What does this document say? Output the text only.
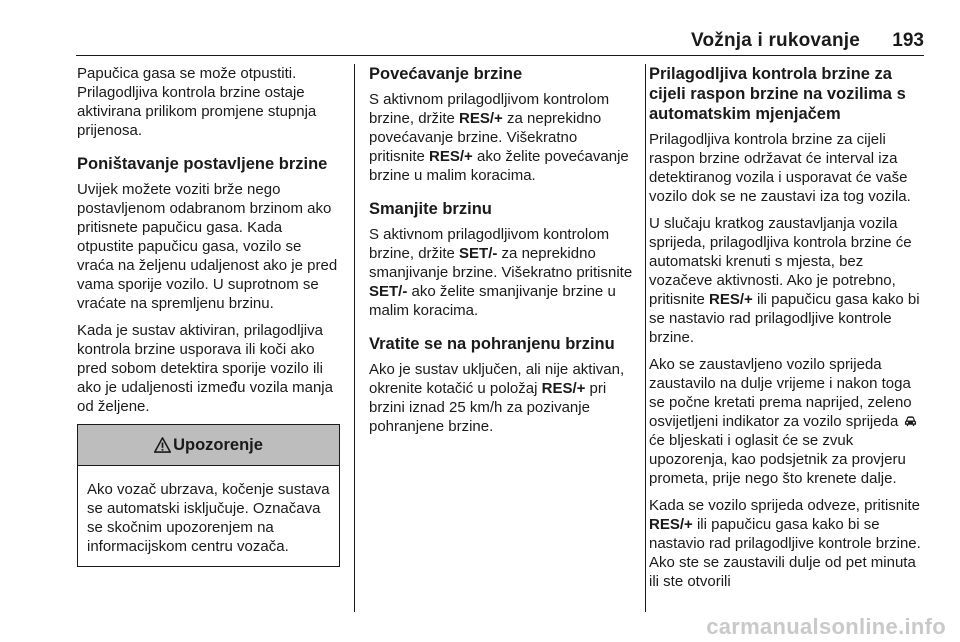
Vožnja i rukovanje 193

Papučica gasa se može otpustiti. Prilagodljiva kontrola brzine ostaje aktivirana prilikom promjene stupnja prijenosa.

Poništavanje postavljene brzine

Uvijek možete voziti brže nego postavljenom odabranom brzinom ako pritisnete papučicu gasa. Kada otpustite papučicu gasa, vozilo se vraća na željenu udaljenost ako je pred vama sporije vozilo. U suprotnom se vraćate na spremljenu brzinu.

Kada je sustav aktiviran, prilagodljiva kontrola brzine usporava ili koči ako pred sobom detektira sporije vozilo ili ako je udaljenosti između vozila manja od željene.

Upozorenje
Ako vozač ubrzava, kočenje sustava se automatski isključuje. Označava se skočnim upozorenjem na informacijskom centru vozača.
Povećavanje brzine

S aktivnom prilagodljivom kontrolom brzine, držite RES/+ za neprekidno povećavanje brzine. Višekratno pritisnite RES/+ ako želite povećavanje brzine u malim koracima.

Smanjite brzinu

S aktivnom prilagodljivom kontrolom brzine, držite SET/- za neprekidno smanjivanje brzine. Višekratno pritisnite SET/- ako želite smanjivanje brzine u malim koracima.

Vratite se na pohranjenu brzinu

Ako je sustav uključen, ali nije aktivan, okrenite kotačić u položaj RES/+ pri brzini iznad 25 km/h za pozivanje pohranjene brzine.

Prilagodljiva kontrola brzine za cijeli raspon brzine na vozilima s automatskim mjenjačem

Prilagodljiva kontrola brzine za cijeli raspon brzine održavat će interval iza detektiranog vozila i usporavat će vaše vozilo dok se ne zaustavi iza tog vozila.

U slučaju kratkog zaustavljanja vozila sprijeda, prilagodljiva kontrola brzine će automatski krenuti s mjesta, bez vozačeve aktivnosti. Ako je potrebno, pritisnite RES/+ ili papučicu gasa kako bi se nastavio rad prilagodljive kontrole brzine.

Ako se zaustavljeno vozilo sprijeda zaustavilo na dulje vrijeme i nakon toga se počne kretati prema naprijed, zeleno osvijetljeni indikator za vozilo sprijeda  će bljeskati i oglasit će se zvuk upozorenja, kao podsjetnik za provjeru prometa, prije nego što krenete dalje.

Kada se vozilo sprijeda odveze, pritisnite RES/+ ili papučicu gasa kako bi se nastavio rad prilagodljive kontrole brzine. Ako ste se zaustavili dulje od pet minuta ili ste otvorili

carmanualsonline.info
